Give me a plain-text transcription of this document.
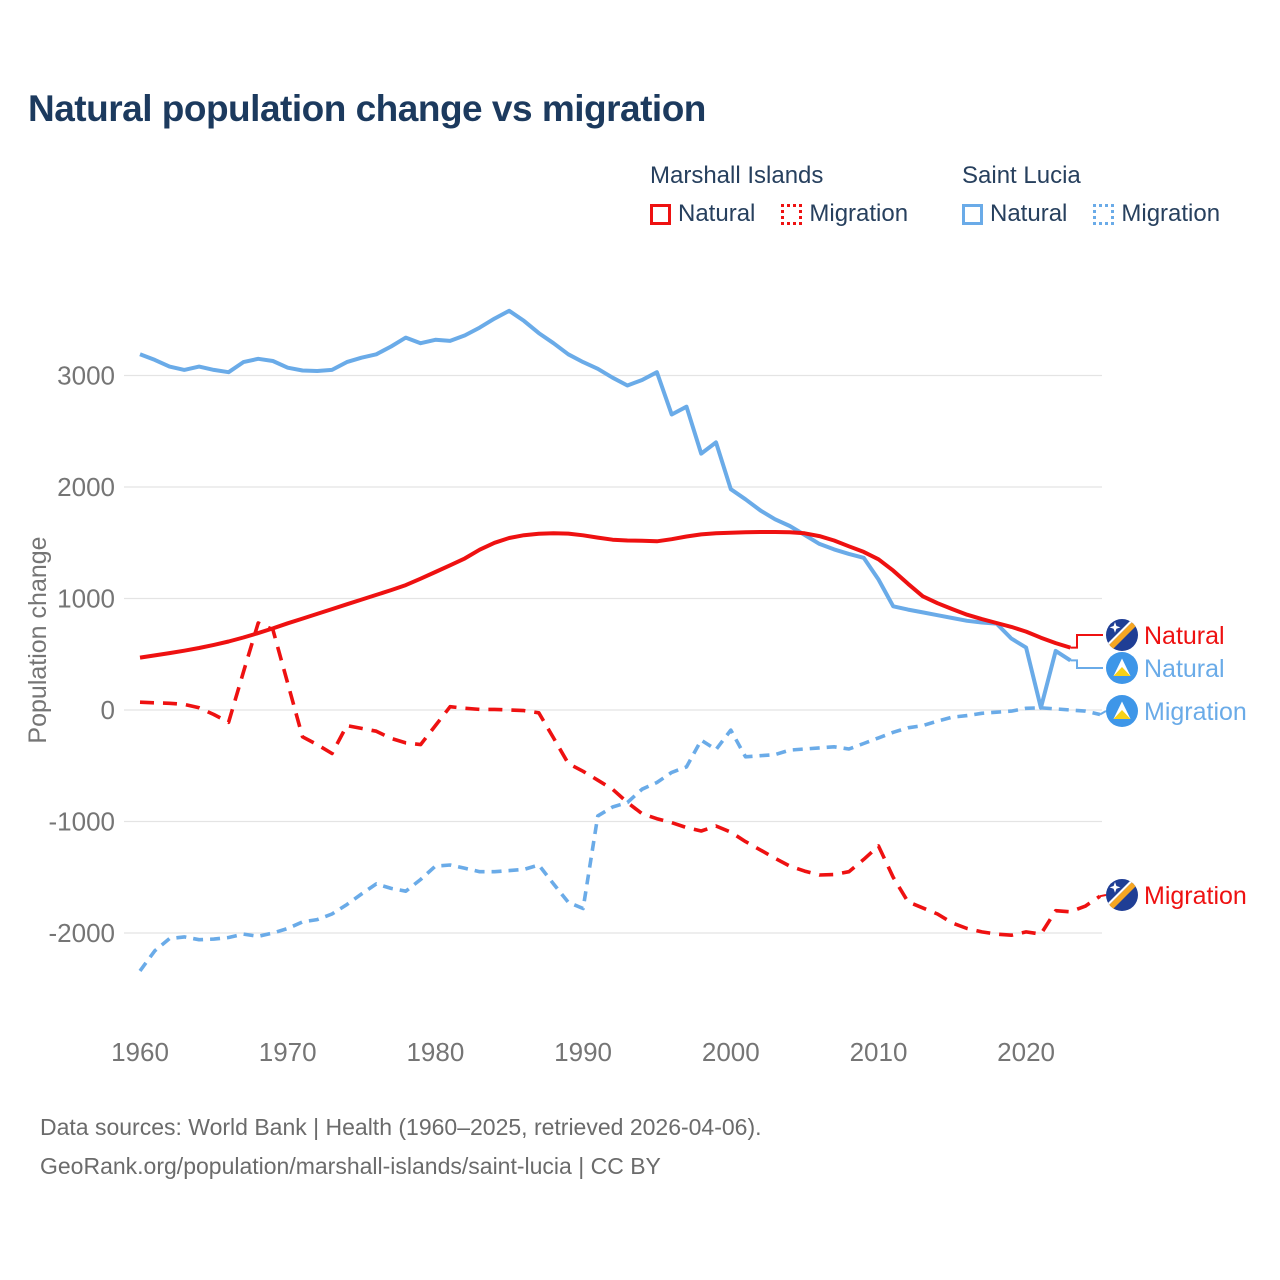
Natural population change vs migration
Marshall Islands
Natural Migration
Saint Lucia
Natural Migration
3000
2000
1000
0
-1000
-2000
1960	1970	1980	1990	2000	2010	2020
Population change	Natural
Natural
Migration
Migration
Data sources: World Bank | Health (1960–2025, retrieved 2026-04-06).
GeoRank.org/population/marshall-islands/saint-lucia | CC BY
